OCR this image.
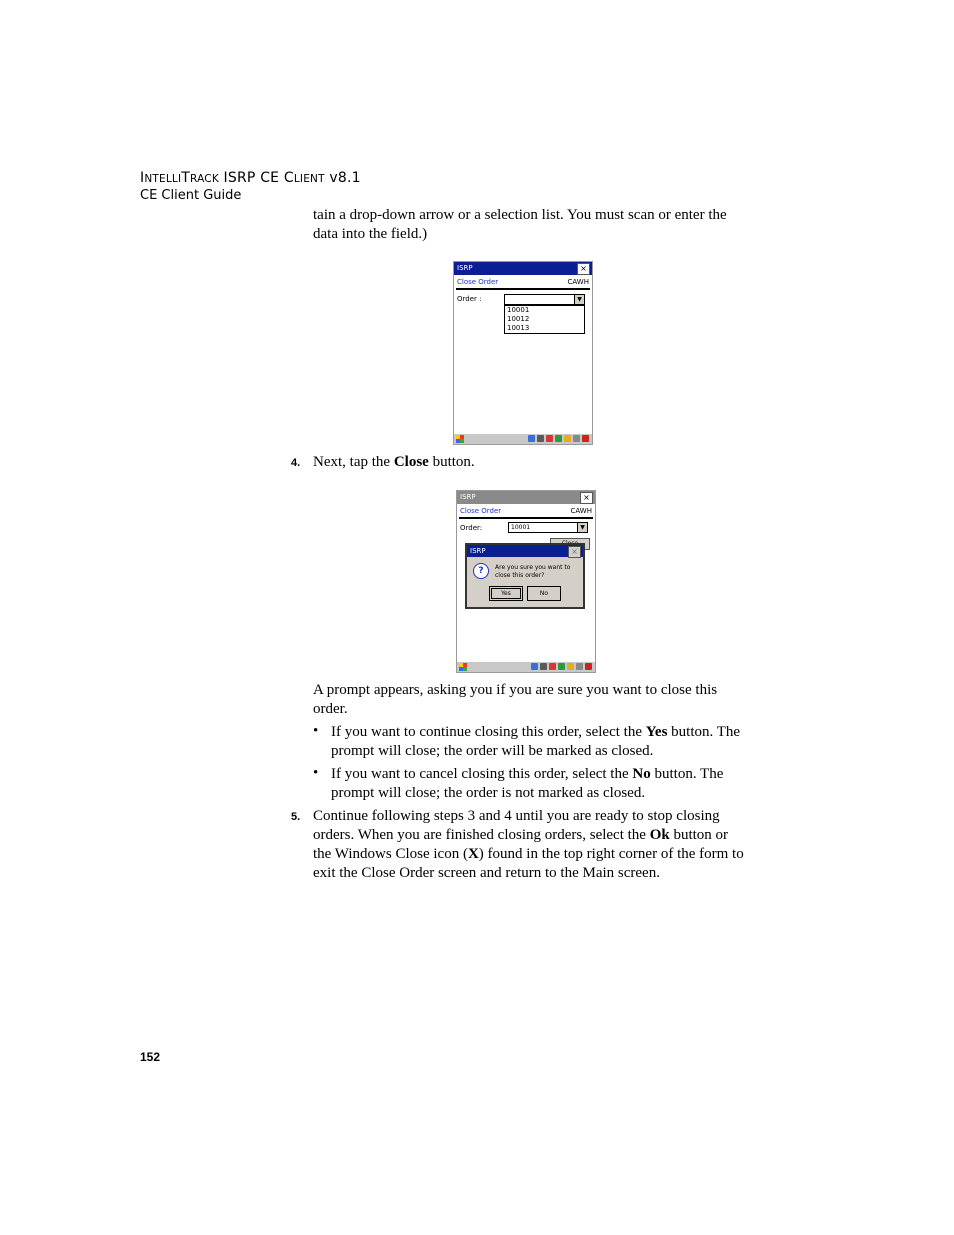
INTELLITRACK ISRP CE CLIENT v8.1
CE Client Guide
tain a drop-down arrow or a selection list. You must scan or enter the
data into the field.)
ISRP	×
Close Order	CAWH
Order :	▼
10001
10012
10013
4. Next, tap the Close button.
ISRP	×
Close Order	CAWH
Order:	10001	▼
ISRP	×
?	Are you sure you want to
close this order?
Yes	No
A prompt appears, asking you if you are sure you want to close this
order.
• If you want to continue closing this order, select the Yes button. The
prompt will close; the order will be marked as closed.
• If you want to cancel closing this order, select the No button. The
prompt will close; the order is not marked as closed.
5. Continue following steps 3 and 4 until you are ready to stop closing
orders. When you are finished closing orders, select the Ok button or
the Windows Close icon (X) found in the top right corner of the form to
exit the Close Order screen and return to the Main screen.
152
